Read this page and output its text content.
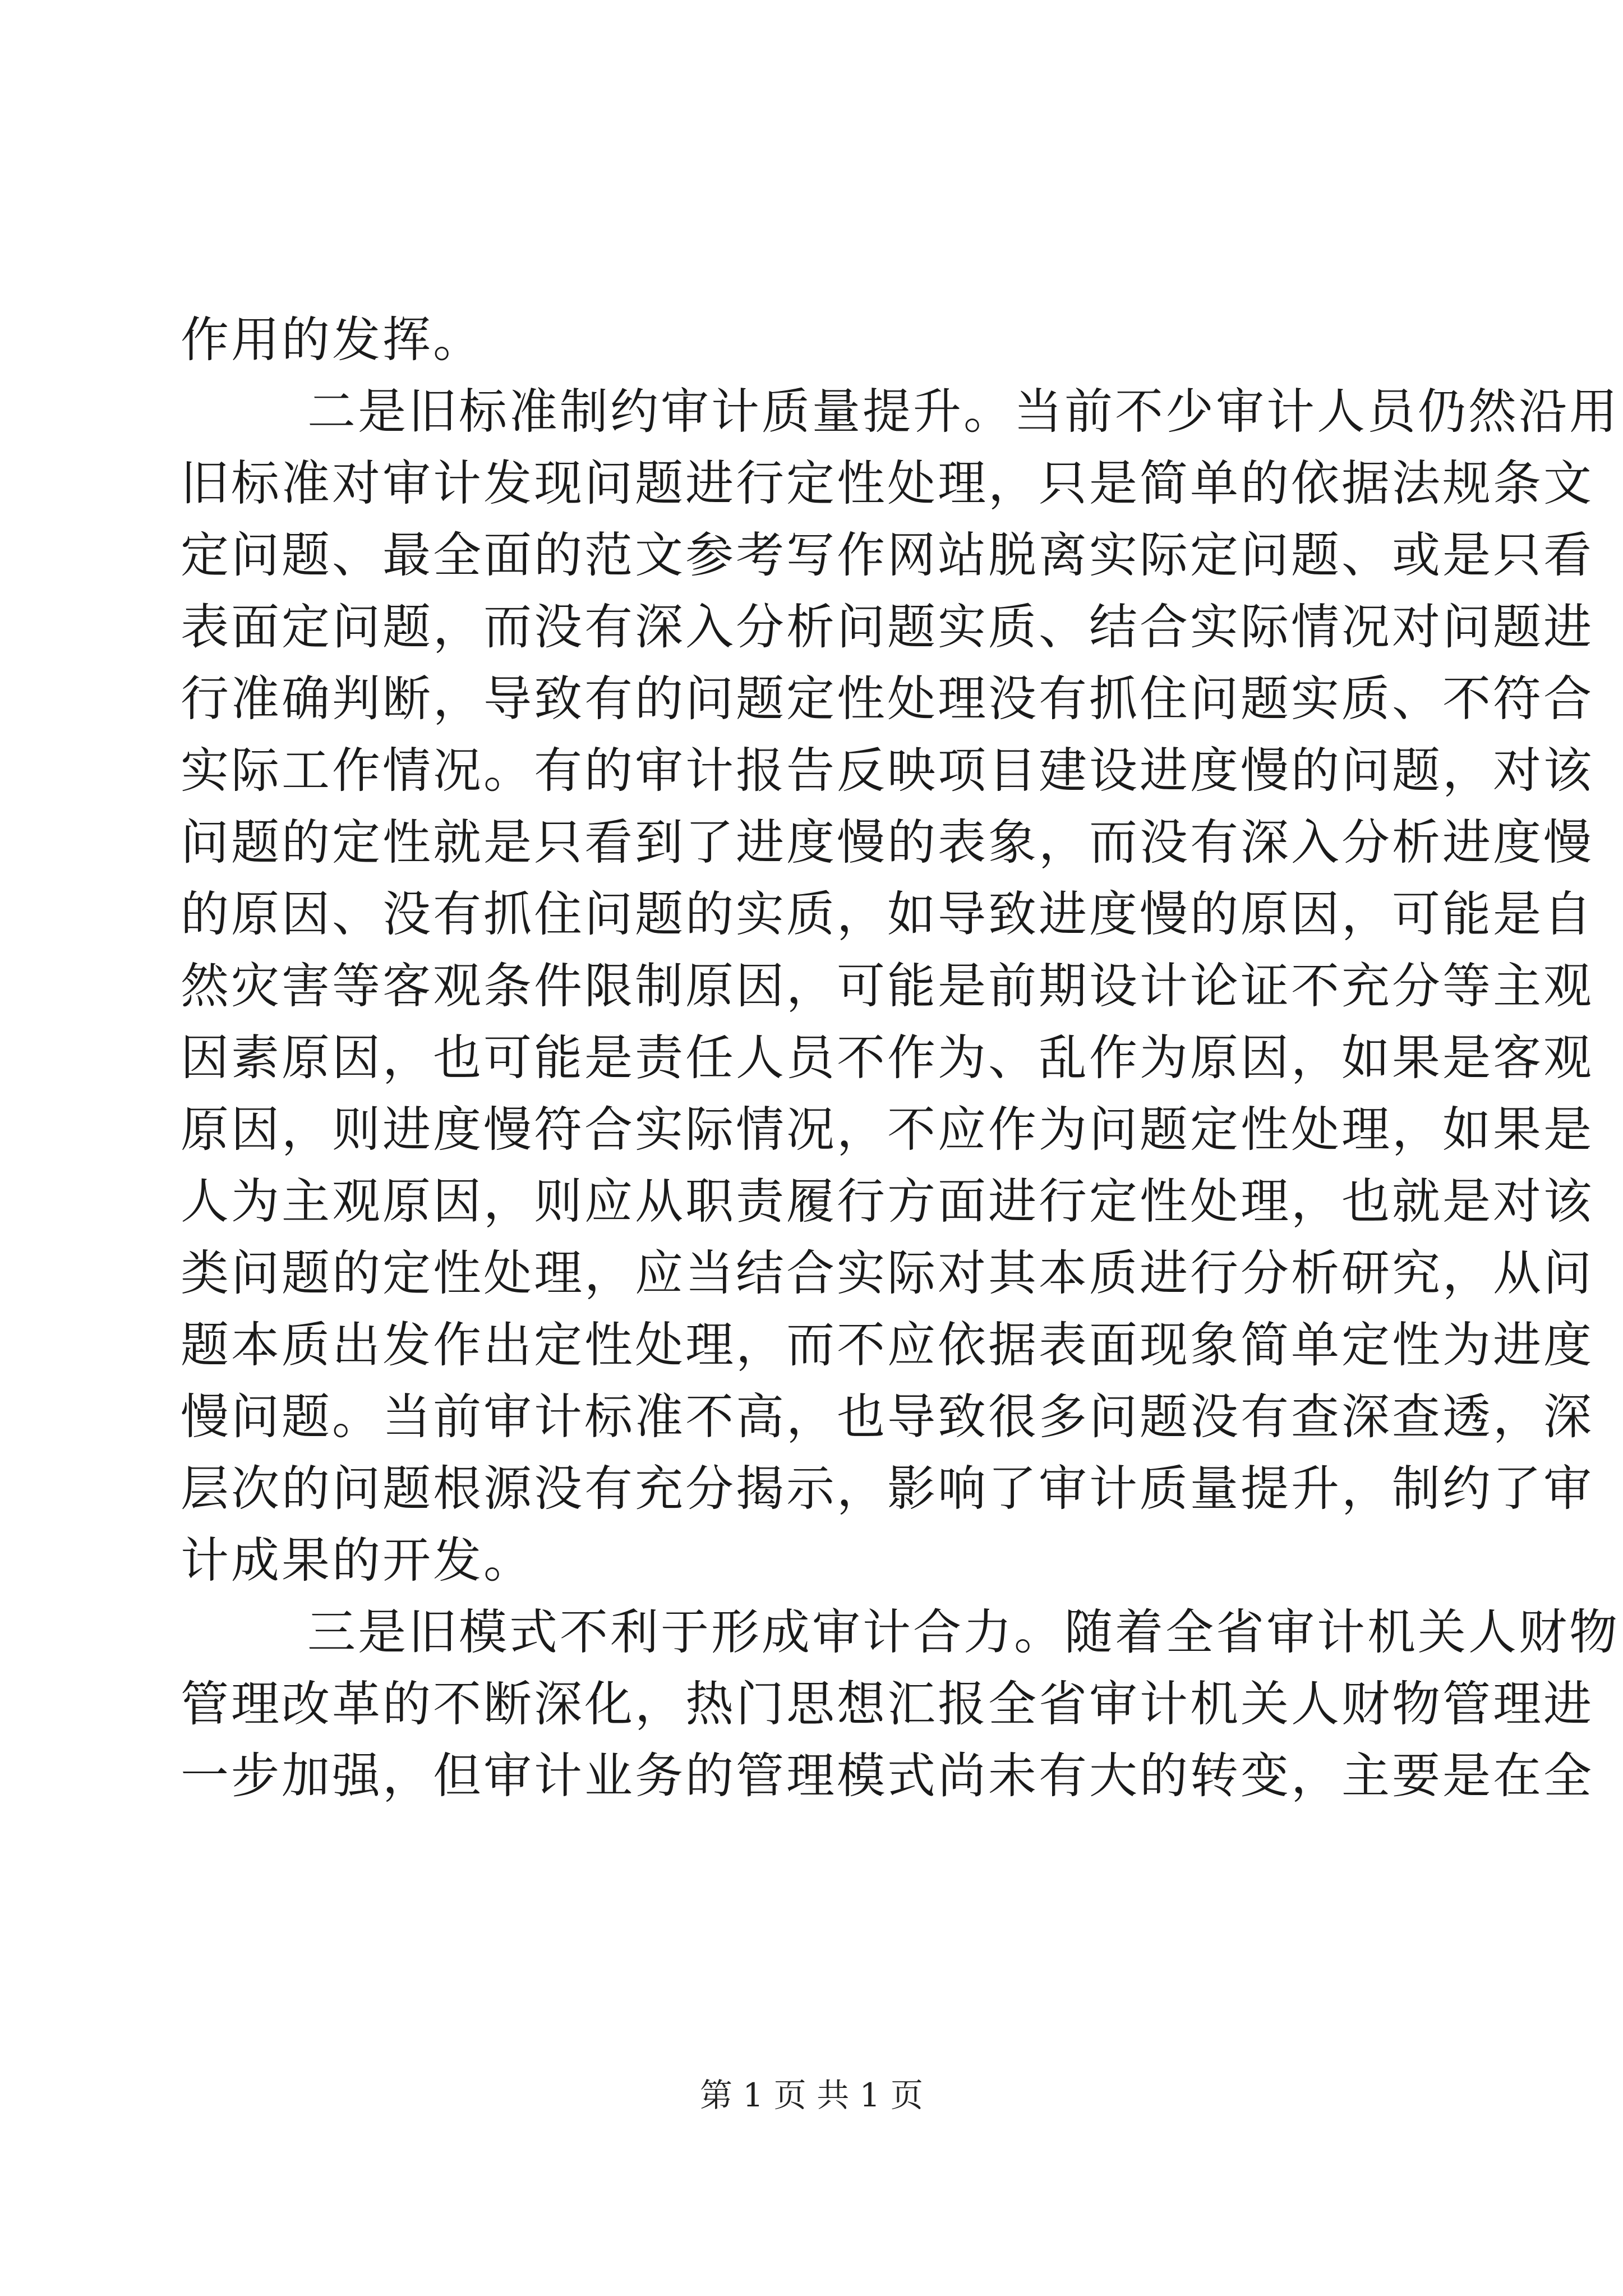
作用的发挥。
二是旧标准制约审计质量提升。当前不少审计人员仍然沿用
旧标准对审计发现问题进行定性处理，只是简单的依据法规条文
定问题、最全面的范文参考写作网站脱离实际定问题、或是只看
表面定问题，而没有深入分析问题实质、结合实际情况对问题进
行准确判断，导致有的问题定性处理没有抓住问题实质、不符合
实际工作情况。有的审计报告反映项目建设进度慢的问题，对该
问题的定性就是只看到了进度慢的表象，而没有深入分析进度慢
的原因、没有抓住问题的实质，如导致进度慢的原因，可能是自
然灾害等客观条件限制原因，可能是前期设计论证不充分等主观
因素原因，也可能是责任人员不作为、乱作为原因，如果是客观
原因，则进度慢符合实际情况，不应作为问题定性处理，如果是
人为主观原因，则应从职责履行方面进行定性处理，也就是对该
类问题的定性处理，应当结合实际对其本质进行分析研究，从问
题本质出发作出定性处理，而不应依据表面现象简单定性为进度
慢问题。当前审计标准不高，也导致很多问题没有查深查透，深
层次的问题根源没有充分揭示，影响了审计质量提升，制约了审
计成果的开发。
三是旧模式不利于形成审计合力。随着全省审计机关人财物
管理改革的不断深化，热门思想汇报全省审计机关人财物管理进
一步加强，但审计业务的管理模式尚未有大的转变，主要是在全
第 1 页 共 1 页
